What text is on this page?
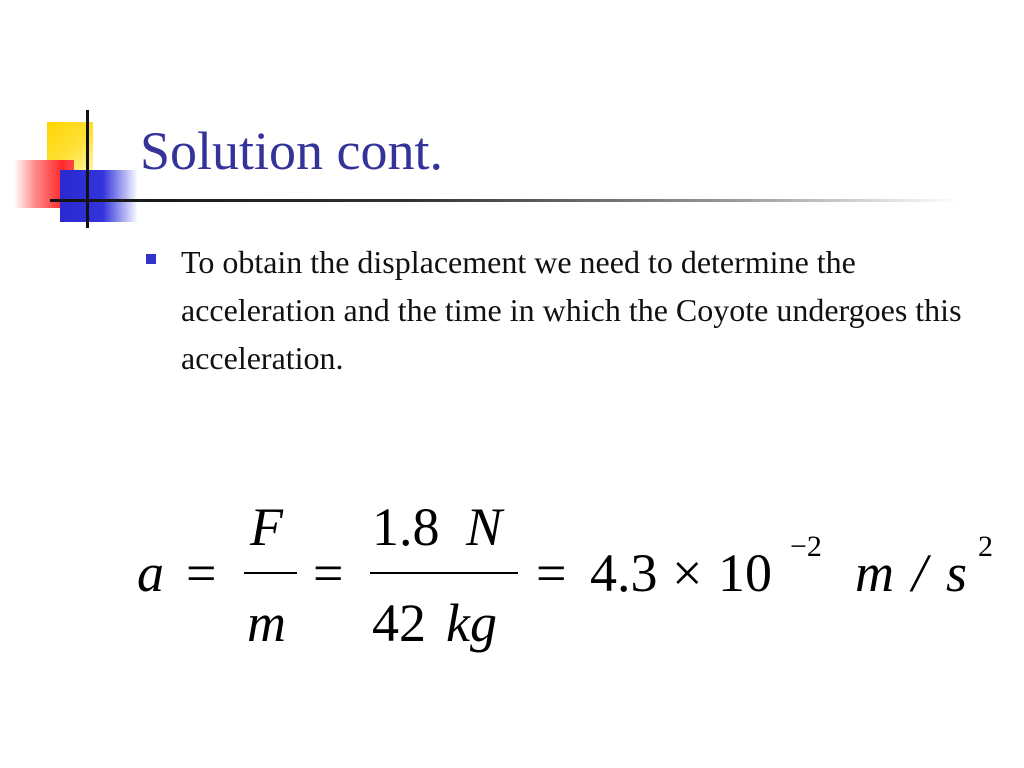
Solution cont.
To obtain the displacement we need to determine the acceleration and the time in which the Coyote undergoes this acceleration.
a =
F
m
=
1.8 N
42 kg
= 4.3 × 10 −2 m / s 2
